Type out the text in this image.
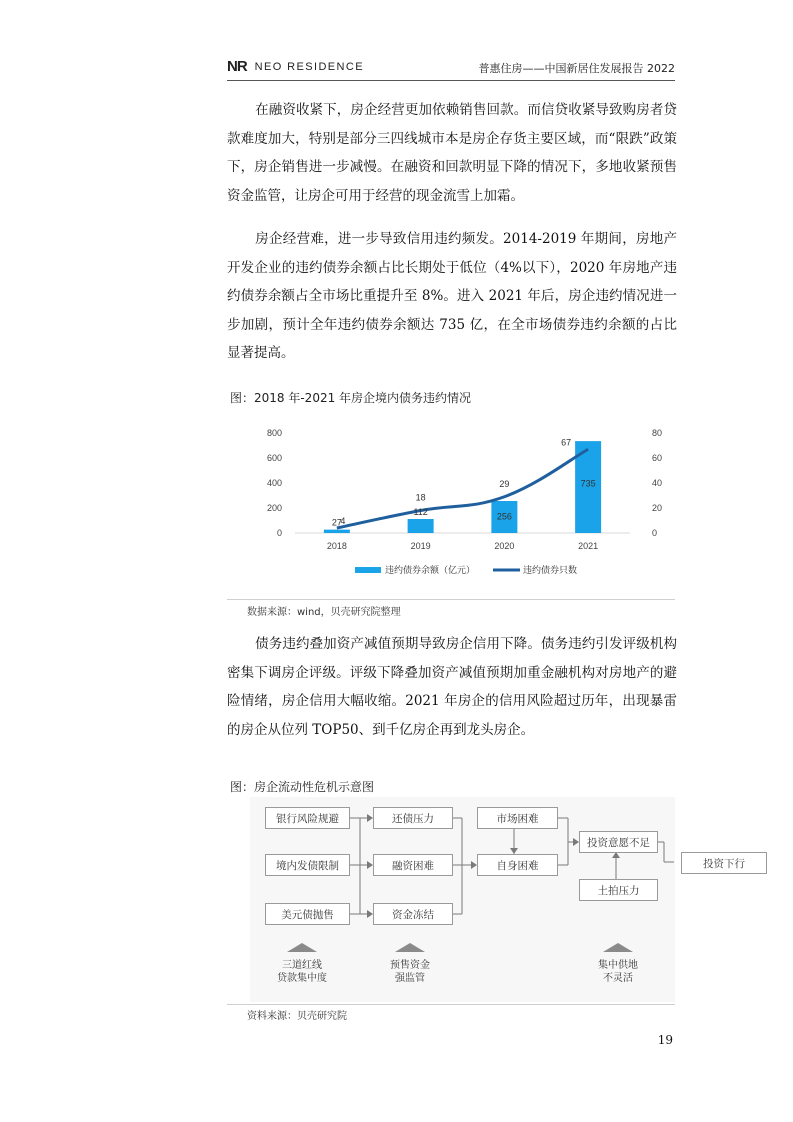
NR NEO RESIDENCE	普惠住房——中国新居住发展报告 2022
在融资收紧下，房企经营更加依赖销售回款。而信贷收紧导致购房者贷款难度加大，特别是部分三四线城市本是房企存货主要区域，而“限跌”政策下，房企销售进一步减慢。在融资和回款明显下降的情况下，多地收紧预售资金监管，让房企可用于经营的现金流雪上加霜。
房企经营难，进一步导致信用违约频发。2014-2019 年期间，房地产开发企业的违约债券余额占比长期处于低位（4%以下），2020 年房地产违约债券余额占全市场比重提升至 8%。进入 2021 年后，房企违约情况进一步加剧，预计全年违约债券余额达 735 亿，在全市场债券违约余额的占比显著提高。
图：2018 年-2021 年房企境内债务违约情况
0
200
400
600
800
0
20
40
60
80
2018
27
2019
112
2020
256
2021
735
4
18
29
67
违约债券余额（亿元）	违约债券只数
数据来源：wind，贝壳研究院整理
债务违约叠加资产减值预期导致房企信用下降。债务违约引发评级机构密集下调房企评级。评级下降叠加资产减值预期加重金融机构对房地产的避险情绪，房企信用大幅收缩。2021 年房企的信用风险超过历年，出现暴雷的房企从位列 TOP50、到千亿房企再到龙头房企。
图：房企流动性危机示意图
银行风险规避
境内发债限制
美元债抛售
还债压力
融资困难
资金冻结
市场困难
自身困难
投资意愿不足
土拍压力
三道红线
贷款集中度
预售资金
强监管
集中供地
不灵活
投资下行
资料来源：贝壳研究院
19
